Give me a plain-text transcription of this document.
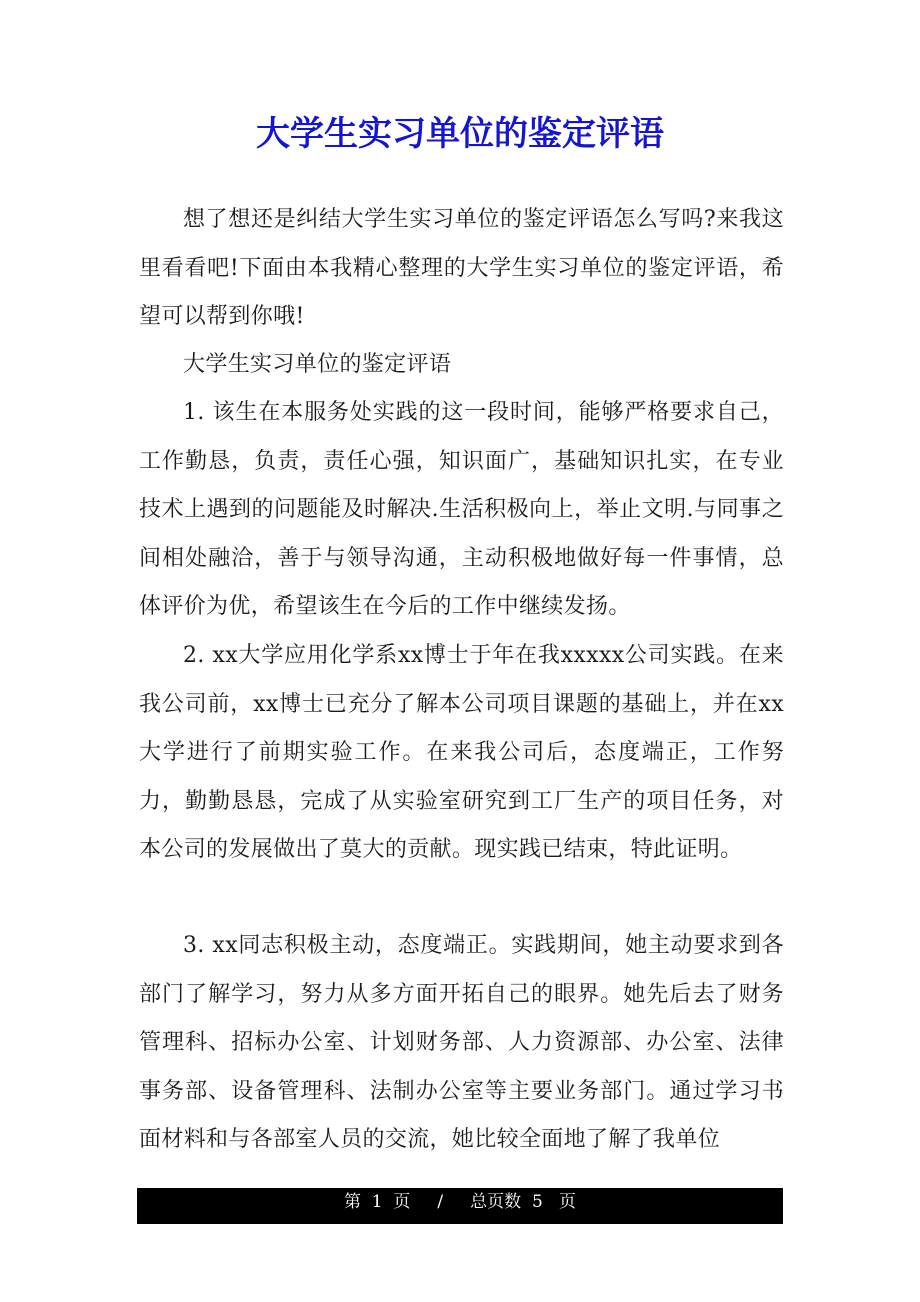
大学生实习单位的鉴定评语

想了想还是纠结大学生实习单位的鉴定评语怎么写吗?来我这里看看吧!下面由本我精心整理的大学生实习单位的鉴定评语，希望可以帮到你哦!

大学生实习单位的鉴定评语

1. 该生在本服务处实践的这一段时间，能够严格要求自己，工作勤恳，负责，责任心强，知识面广，基础知识扎实，在专业技术上遇到的问题能及时解决.生活积极向上，举止文明.与同事之间相处融洽，善于与领导沟通，主动积极地做好每一件事情，总体评价为优，希望该生在今后的工作中继续发扬。

2. xx大学应用化学系xx博士于年在我xxxxx公司实践。在来我公司前，xx博士已充分了解本公司项目课题的基础上，并在xx大学进行了前期实验工作。在来我公司后，态度端正，工作努力，勤勤恳恳，完成了从实验室研究到工厂生产的项目任务，对本公司的发展做出了莫大的贡献。现实践已结束，特此证明。

3. xx同志积极主动，态度端正。实践期间，她主动要求到各部门了解学习，努力从多方面开拓自己的眼界。她先后去了财务管理科、招标办公室、计划财务部、人力资源部、办公室、法律事务部、设备管理科、法制办公室等主要业务部门。通过学习书面材料和与各部室人员的交流，她比较全面地了解了我单位

第  1  页     /     总页数  5   页
